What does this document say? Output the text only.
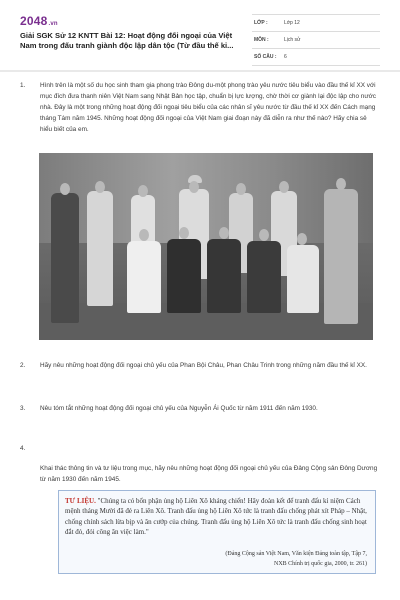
2048.vn
Giải SGK Sử 12 KNTT Bài 12: Hoạt động đối ngoại của Việt Nam trong đấu tranh giành độc lập dân tộc (Từ đầu thế kỉ...
LỚP :	Lớp 12
MÔN :	Lịch sử
SỐ CÂU :	6
1.	Hình trên là một số du học sinh tham gia phong trào Đông du-một phong trào yêu nước tiêu biểu vào đầu thế kỉ XX với mục đích đưa thanh niên Việt Nam sang Nhật Bản học tập, chuẩn bị lực lượng, chờ thời cơ giành lại độc lập cho nước nhà. Đây là một trong những hoạt động đối ngoại tiêu biểu của các nhân sĩ yêu nước từ đầu thế kỉ XX đến Cách mạng tháng Tám năm 1945. Những hoạt động đối ngoại của Việt Nam giai đoạn này đã diễn ra như thế nào? Hãy chia sẻ hiểu biết của em.
2.	Hãy nêu những hoạt động đối ngoại chủ yếu của Phan Bội Châu, Phan Châu Trinh trong những năm đầu thế kỉ XX.
3.	Nêu tóm tắt những hoạt động đối ngoại chủ yếu của Nguyễn Ái Quốc từ năm 1911 đến năm 1930.
4.
Khai thác thông tin và tư liệu trong mục, hãy nêu những hoạt động đối ngoại chủ yếu của Đảng Cộng sản Đông Dương từ năm 1930 đến năm 1945.
TƯ LIỆU. "Chúng ta có bổn phận ủng hộ Liên Xô kháng chiến! Hãy đoàn kết để tranh đấu kỉ niệm Cách mệnh tháng Mười đã đẻ ra Liên Xô. Tranh đấu ủng hộ Liên Xô tức là tranh đấu chống phát xít Pháp – Nhật, chống chính sách lừa bịp và ăn cướp của chúng. Tranh đấu ủng hộ Liên Xô tức là tranh đấu chống sinh hoạt đắt đỏ, đói công ăn việc làm."
(Đảng Cộng sản Việt Nam, Văn kiện Đảng toàn tập, Tập 7,
NXB Chính trị quốc gia, 2000, tr. 261)
